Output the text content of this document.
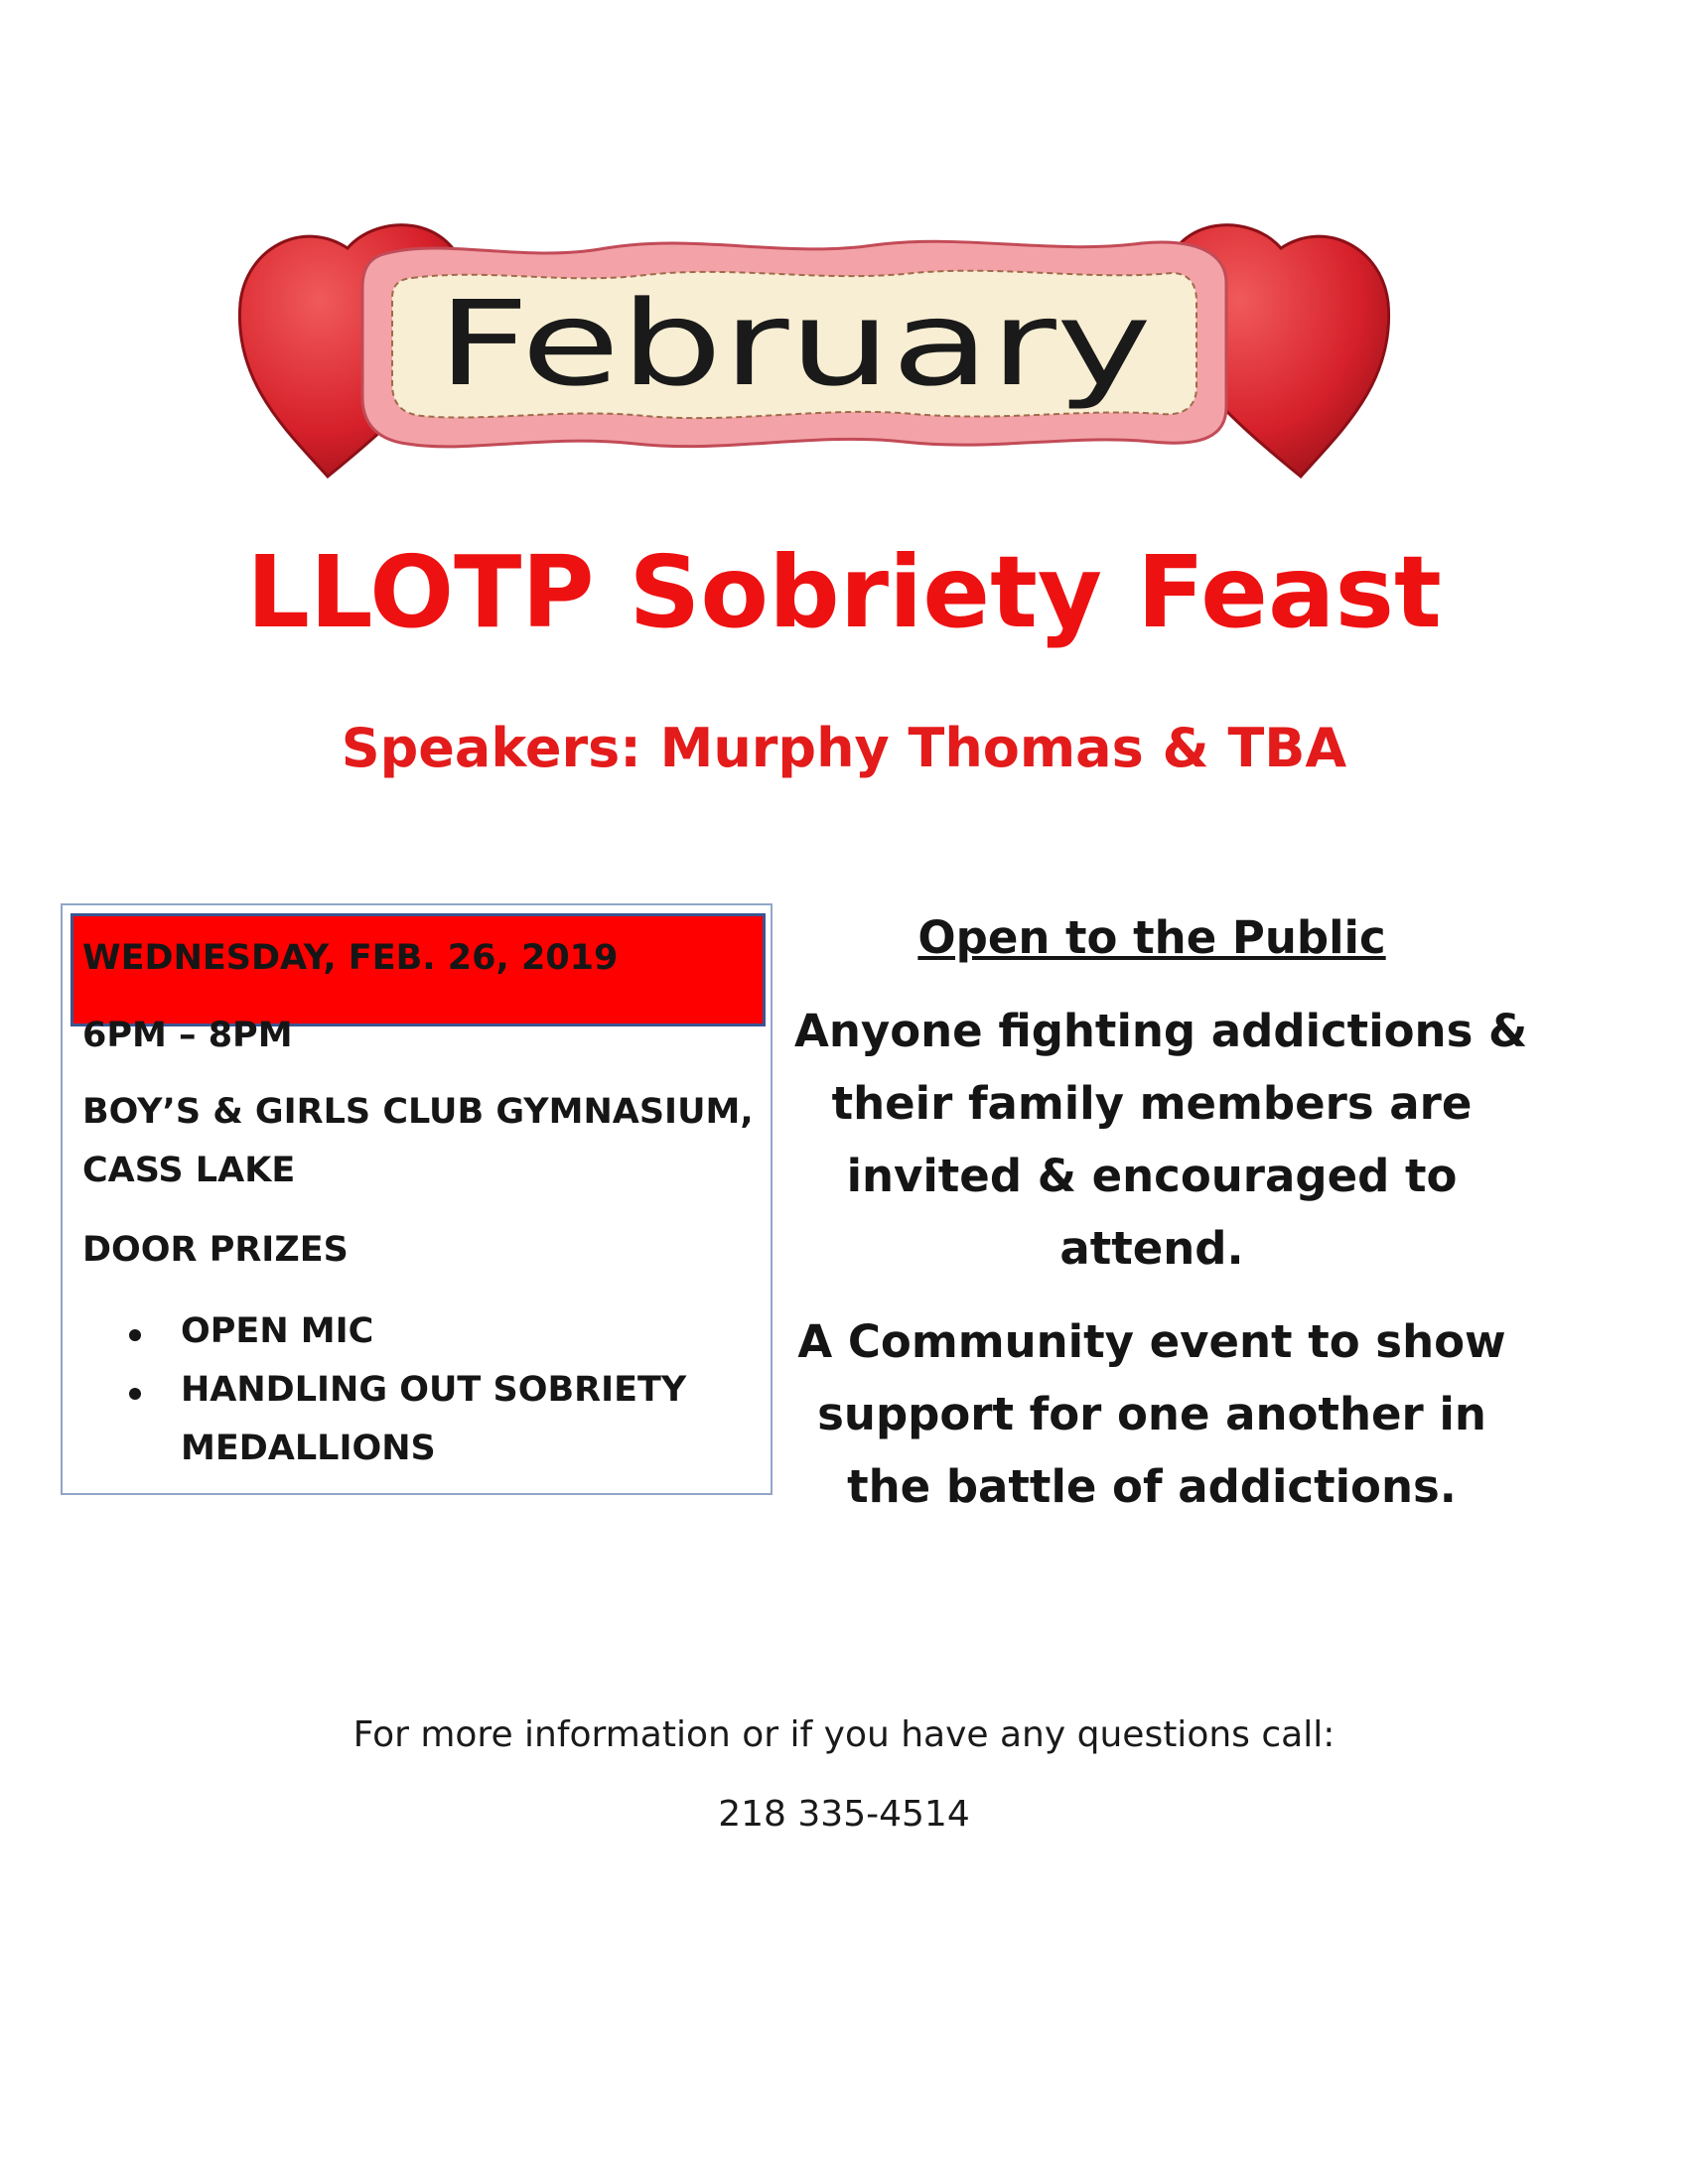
February
LLOTP Sobriety Feast
Speakers: Murphy Thomas & TBA
WEDNESDAY, FEB. 26, 2019
6PM – 8PM
BOY’S & GIRLS CLUB GYMNASIUM,
CASS LAKE
DOOR PRIZES
OPEN MIC
HANDLING OUT SOBRIETY
MEDALLIONS
Open to the Public
Anyone fighting addictions &
their family members are
invited & encouraged to
attend.
A Community event to show
support for one another in
the battle of addictions.
For more information or if you have any questions call:
218 335-4514
